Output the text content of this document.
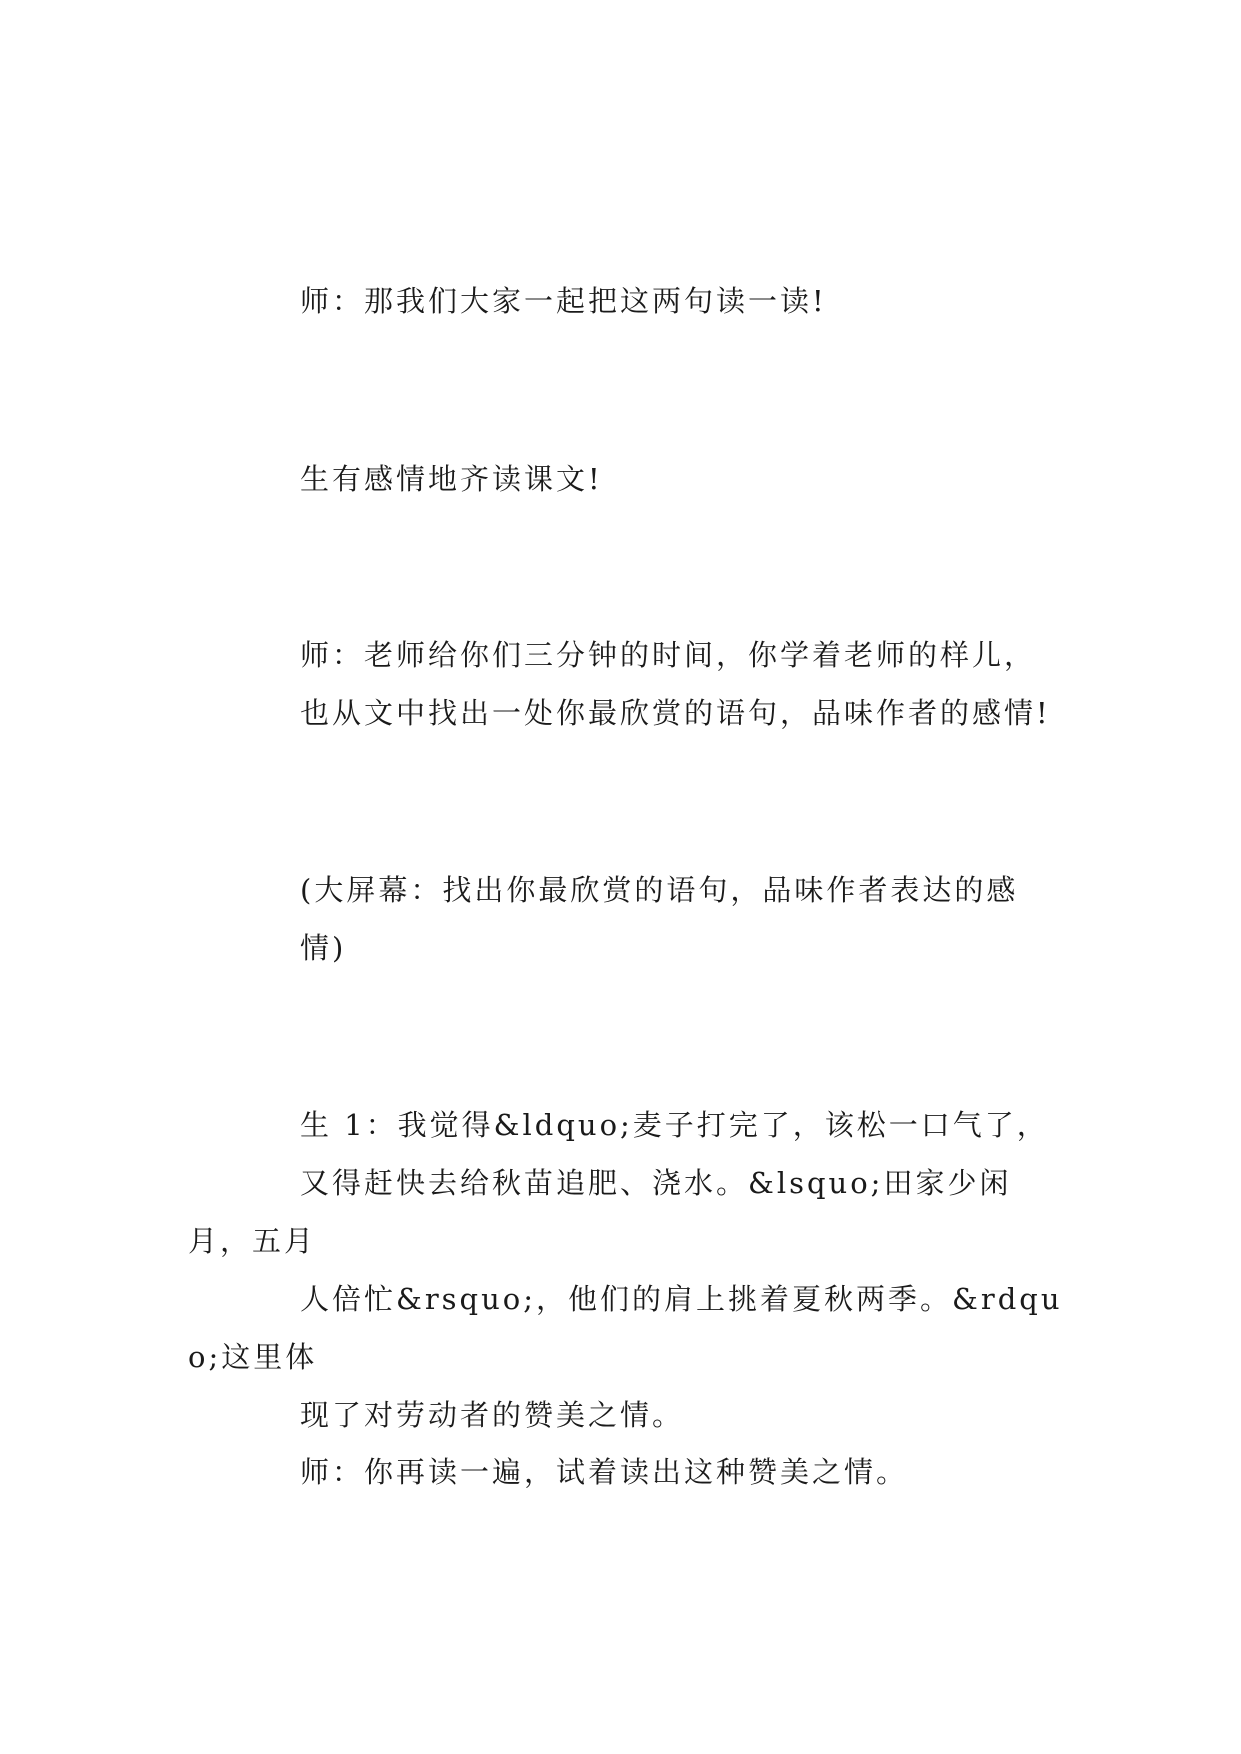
师：那我们大家一起把这两句读一读!

生有感情地齐读课文!

师：老师给你们三分钟的时间，你学着老师的样儿，
也从文中找出一处你最欣赏的语句，品味作者的感情!

(大屏幕：找出你最欣赏的语句，品味作者表达的感
情)

生 1：我觉得&ldquo;麦子打完了，该松一口气了，
又得赶快去给秋苗追肥、浇水。&lsquo;田家少闲月，五月
人倍忙&rsquo;，他们的肩上挑着夏秋两季。&rdquo;这里体
现了对劳动者的赞美之情。

师：你再读一遍，试着读出这种赞美之情。
